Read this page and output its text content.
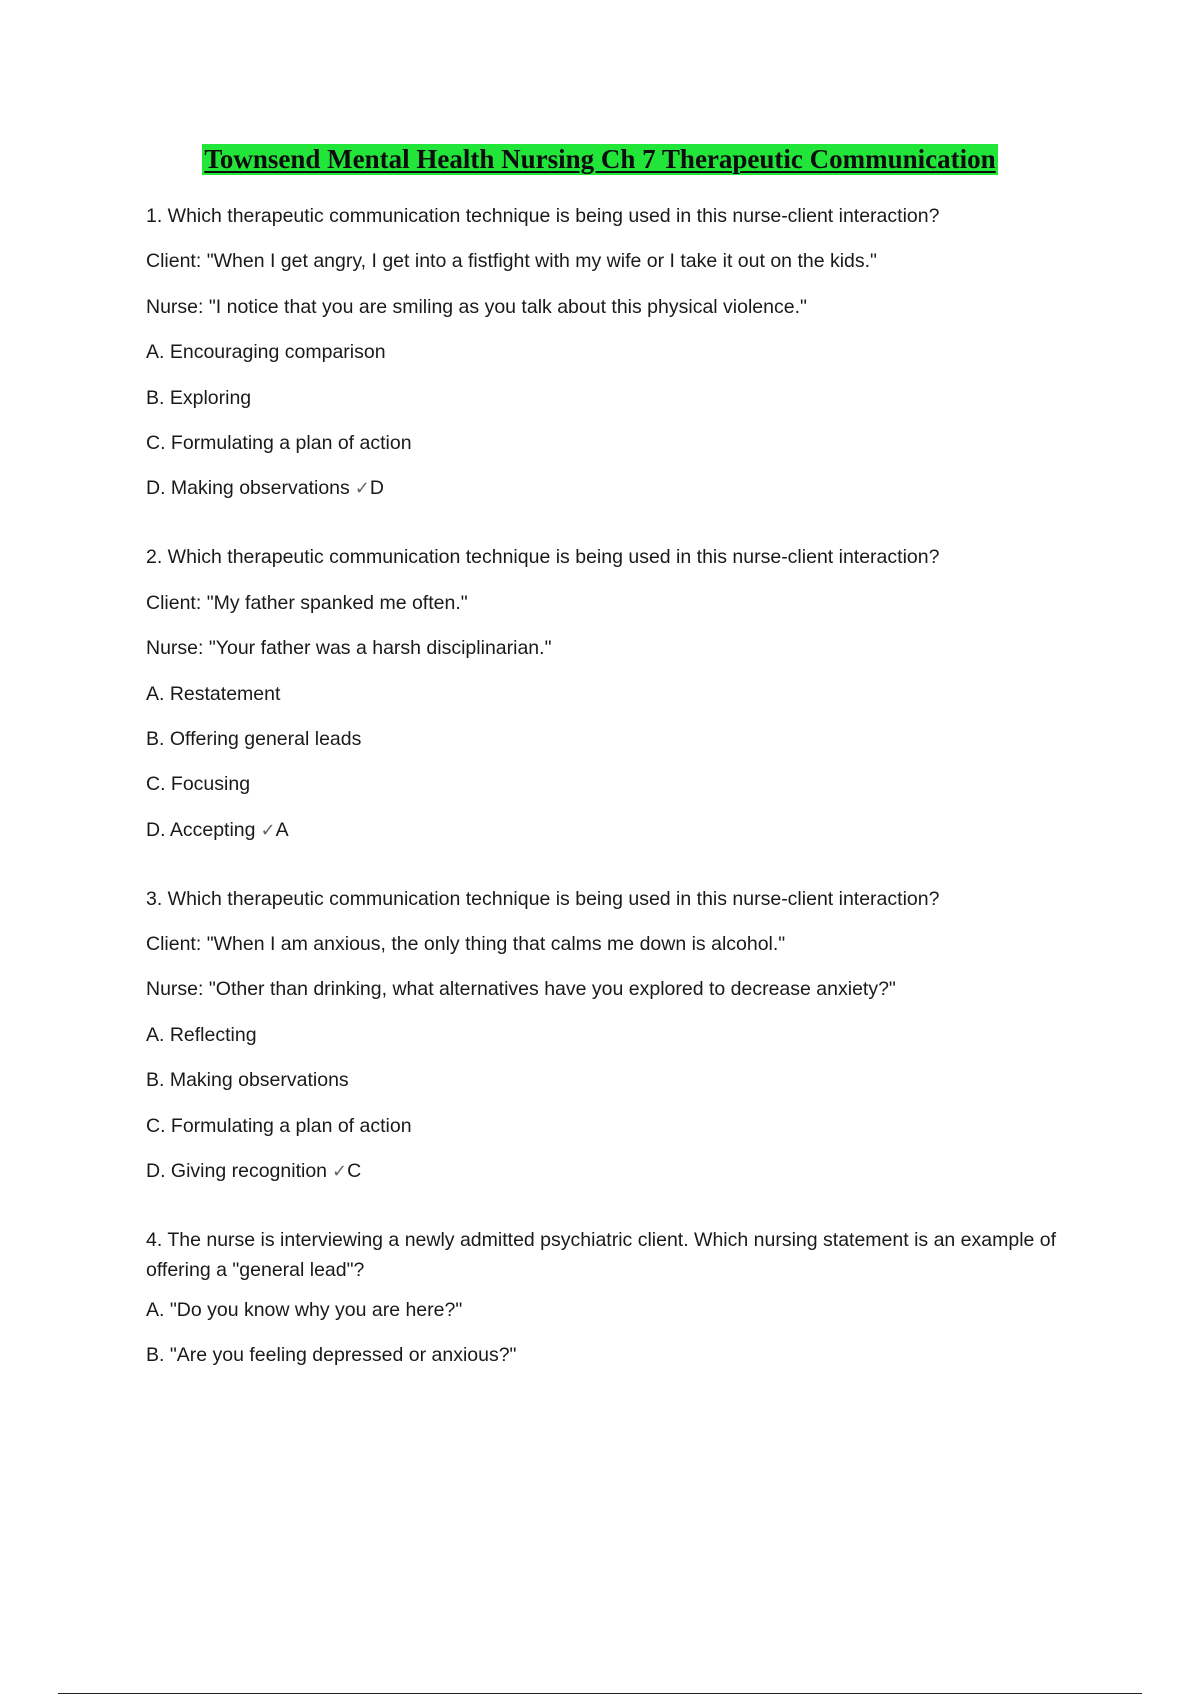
Townsend Mental Health Nursing Ch 7 Therapeutic Communication
1. Which therapeutic communication technique is being used in this nurse-client interaction?
Client: "When I get angry, I get into a fistfight with my wife or I take it out on the kids."
Nurse: "I notice that you are smiling as you talk about this physical violence."
A. Encouraging comparison
B. Exploring
C. Formulating a plan of action
D. Making observations ✓D
2. Which therapeutic communication technique is being used in this nurse-client interaction?
Client: "My father spanked me often."
Nurse: "Your father was a harsh disciplinarian."
A. Restatement
B. Offering general leads
C. Focusing
D. Accepting ✓A
3. Which therapeutic communication technique is being used in this nurse-client interaction?
Client: "When I am anxious, the only thing that calms me down is alcohol."
Nurse: "Other than drinking, what alternatives have you explored to decrease anxiety?"
A. Reflecting
B. Making observations
C. Formulating a plan of action
D. Giving recognition ✓C
4. The nurse is interviewing a newly admitted psychiatric client. Which nursing statement is an example of offering a "general lead"?
A. "Do you know why you are here?"
B. "Are you feeling depressed or anxious?"
